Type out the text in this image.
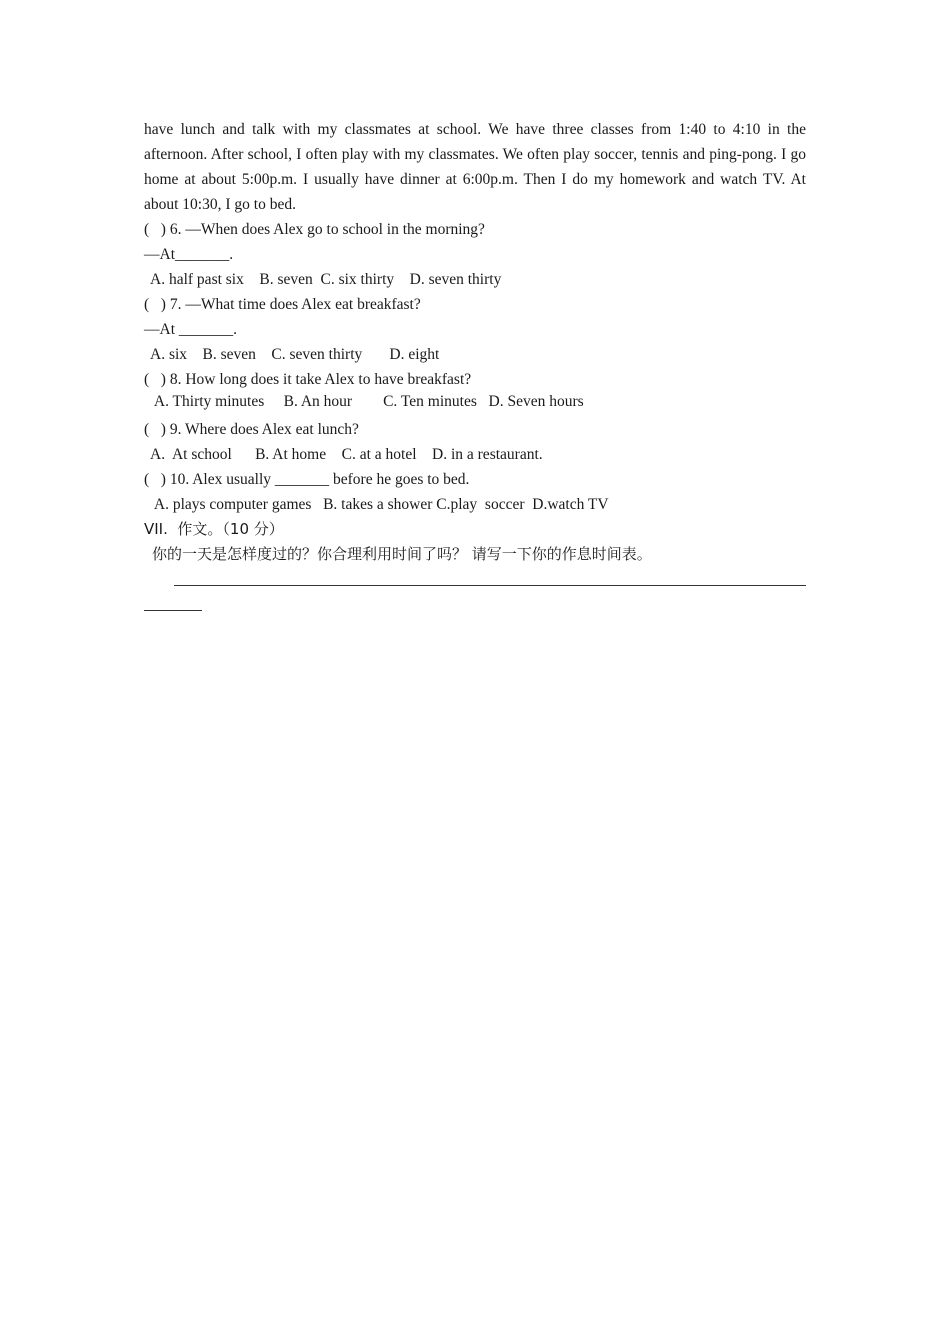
have lunch and talk with my classmates at school. We have three classes from 1:40 to 4:10 in the afternoon. After school, I often play with my classmates. We often play soccer, tennis and ping-pong. I go home at about 5:00p.m. I usually have dinner at 6:00p.m. Then I do my homework and watch TV. At about 10:30, I go to bed.

(   ) 6. —When does Alex go to school in the morning?

—At_______.

A. half past six    B. seven  C. six thirty    D. seven thirty

(   ) 7. —What time does Alex eat breakfast?

—At _______.

A. six    B. seven    C. seven thirty       D. eight

(   ) 8. How long does it take Alex to have breakfast?

A. Thirty minutes     B. An hour        C. Ten minutes   D. Seven hours

(   ) 9. Where does Alex eat lunch?

A.  At school      B. At home    C. at a hotel    D. in a restaurant.

(   ) 10. Alex usually _______ before he goes to bed.

A. plays computer games   B. takes a shower C.play  soccer  D.watch TV

VII.  作文。（10 分）

你的一天是怎样度过的？你合理利用时间了吗？ 请写一下你的作息时间表。
